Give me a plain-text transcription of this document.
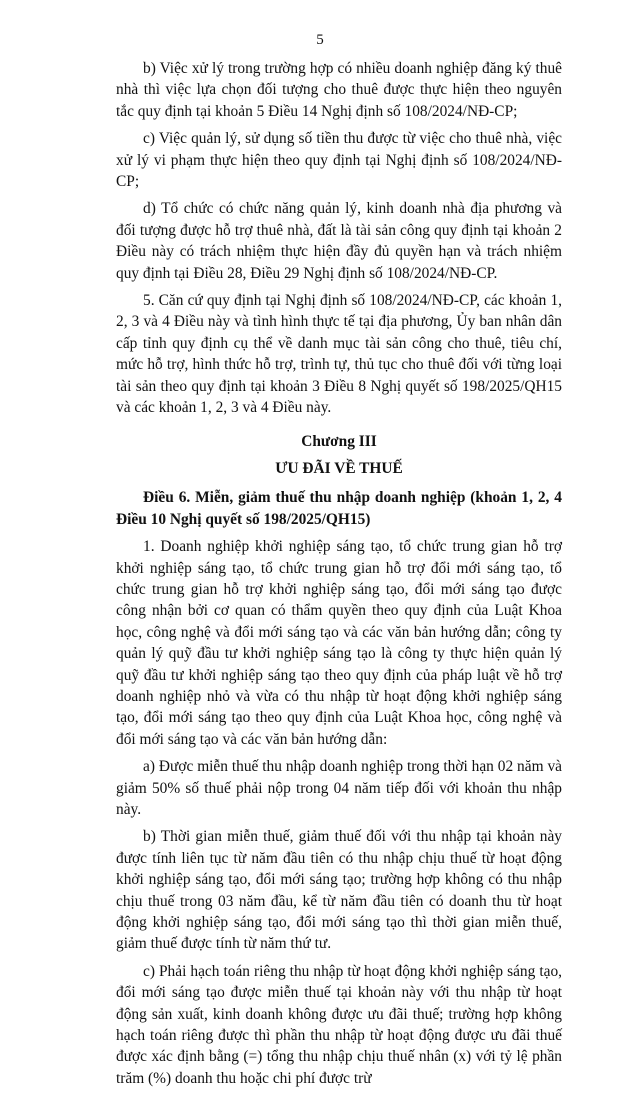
5

b) Việc xử lý trong trường hợp có nhiều doanh nghiệp đăng ký thuê nhà thì việc lựa chọn đối tượng cho thuê được thực hiện theo nguyên tắc quy định tại khoản 5 Điều 14 Nghị định số 108/2024/NĐ-CP;

c) Việc quản lý, sử dụng số tiền thu được từ việc cho thuê nhà, việc xử lý vi phạm thực hiện theo quy định tại Nghị định số 108/2024/NĐ-CP;

d) Tổ chức có chức năng quản lý, kinh doanh nhà địa phương và đối tượng được hỗ trợ thuê nhà, đất là tài sản công quy định tại khoản 2 Điều này có trách nhiệm thực hiện đầy đủ quyền hạn và trách nhiệm quy định tại Điều 28, Điều 29 Nghị định số 108/2024/NĐ-CP.

5. Căn cứ quy định tại Nghị định số 108/2024/NĐ-CP, các khoản 1, 2, 3 và 4 Điều này và tình hình thực tế tại địa phương, Ủy ban nhân dân cấp tỉnh quy định cụ thể về danh mục tài sản công cho thuê, tiêu chí, mức hỗ trợ, hình thức hỗ trợ, trình tự, thủ tục cho thuê đối với từng loại tài sản theo quy định tại khoản 3 Điều 8 Nghị quyết số 198/2025/QH15 và các khoản 1, 2, 3 và 4 Điều này.

Chương III

ƯU ĐÃI VỀ THUẾ

Điều 6. Miễn, giảm thuế thu nhập doanh nghiệp (khoản 1, 2, 4 Điều 10 Nghị quyết số 198/2025/QH15)

1. Doanh nghiệp khởi nghiệp sáng tạo, tổ chức trung gian hỗ trợ khởi nghiệp sáng tạo, tổ chức trung gian hỗ trợ đổi mới sáng tạo, tổ chức trung gian hỗ trợ khởi nghiệp sáng tạo, đổi mới sáng tạo được công nhận bởi cơ quan có thẩm quyền theo quy định của Luật Khoa học, công nghệ và đổi mới sáng tạo và các văn bản hướng dẫn; công ty quản lý quỹ đầu tư khởi nghiệp sáng tạo là công ty thực hiện quản lý quỹ đầu tư khởi nghiệp sáng tạo theo quy định của pháp luật về hỗ trợ doanh nghiệp nhỏ và vừa có thu nhập từ hoạt động khởi nghiệp sáng tạo, đổi mới sáng tạo theo quy định của Luật Khoa học, công nghệ và đổi mới sáng tạo và các văn bản hướng dẫn:

a) Được miễn thuế thu nhập doanh nghiệp trong thời hạn 02 năm và giảm 50% số thuế phải nộp trong 04 năm tiếp đối với khoản thu nhập này.

b) Thời gian miễn thuế, giảm thuế đối với thu nhập tại khoản này được tính liên tục từ năm đầu tiên có thu nhập chịu thuế từ hoạt động khởi nghiệp sáng tạo, đổi mới sáng tạo; trường hợp không có thu nhập chịu thuế trong 03 năm đầu, kể từ năm đầu tiên có doanh thu từ hoạt động khởi nghiệp sáng tạo, đổi mới sáng tạo thì thời gian miễn thuế, giảm thuế được tính từ năm thứ tư.

c) Phải hạch toán riêng thu nhập từ hoạt động khởi nghiệp sáng tạo, đổi mới sáng tạo được miễn thuế tại khoản này với thu nhập từ hoạt động sản xuất, kinh doanh không được ưu đãi thuế; trường hợp không hạch toán riêng được thì phần thu nhập từ hoạt động được ưu đãi thuế được xác định bằng (=) tổng thu nhập chịu thuế nhân (x) với tỷ lệ phần trăm (%) doanh thu hoặc chi phí được trừ
